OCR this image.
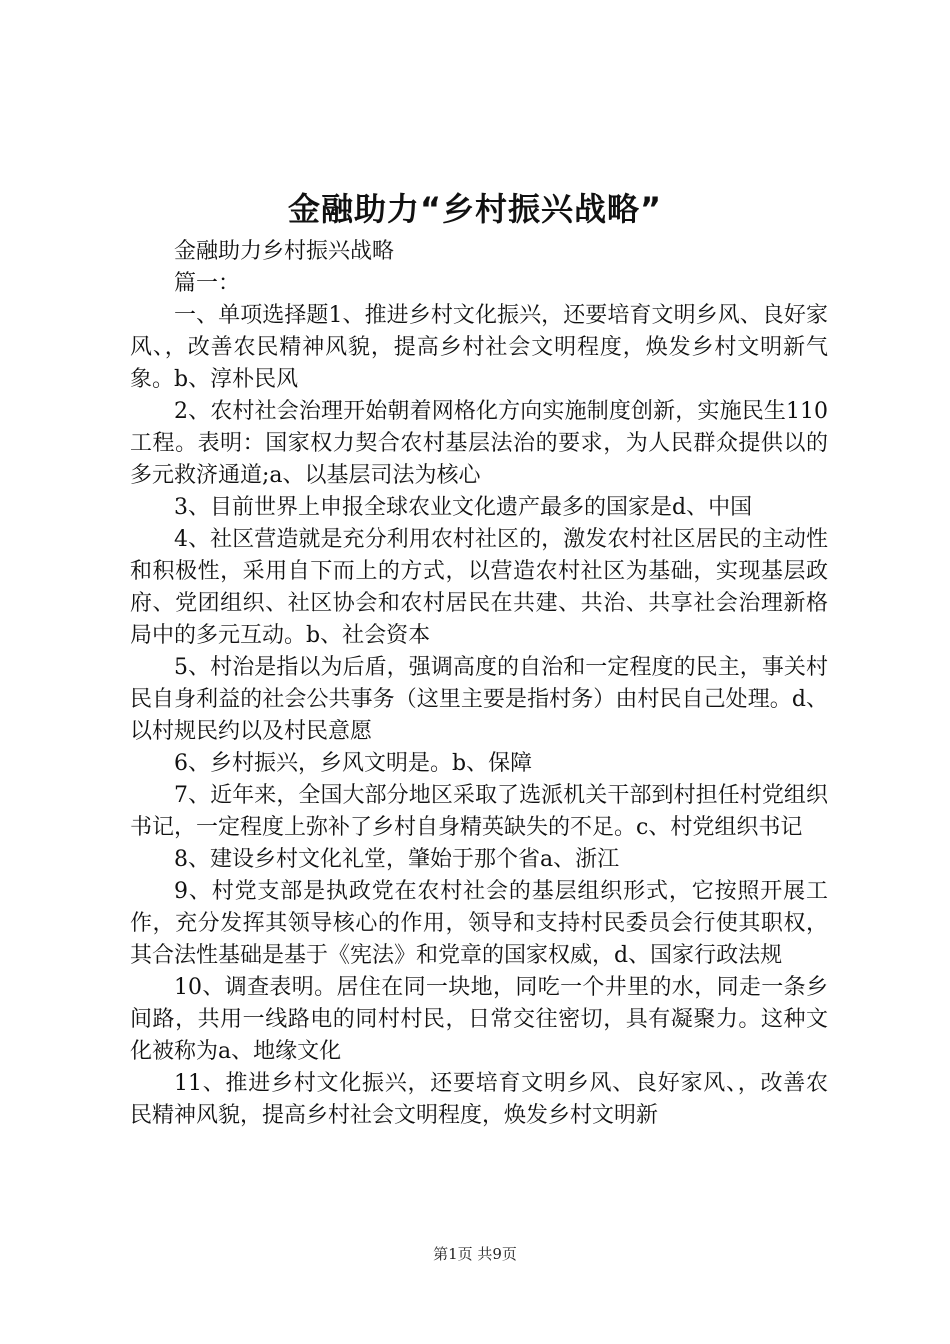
金融助力“乡村振兴战略”

金融助力乡村振兴战略

篇一：

一、单项选择题1、推进乡村文化振兴，还要培育文明乡风、良好家风、，改善农民精神风貌，提高乡村社会文明程度，焕发乡村文明新气象。b、淳朴民风

2、农村社会治理开始朝着网格化方向实施制度创新，实施民生110工程。表明：国家权力契合农村基层法治的要求，为人民群众提供以的多元救济通道;a、以基层司法为核心

3、目前世界上申报全球农业文化遗产最多的国家是d、中国

4、社区营造就是充分利用农村社区的，激发农村社区居民的主动性和积极性，采用自下而上的方式，以营造农村社区为基础，实现基层政府、党团组织、社区协会和农村居民在共建、共治、共享社会治理新格局中的多元互动。b、社会资本

5、村治是指以为后盾，强调高度的自治和一定程度的民主，事关村民自身利益的社会公共事务（这里主要是指村务）由村民自己处理。d、以村规民约以及村民意愿

6、乡村振兴，乡风文明是。b、保障

7、近年来，全国大部分地区采取了选派机关干部到村担任村党组织书记，一定程度上弥补了乡村自身精英缺失的不足。c、村党组织书记

8、建设乡村文化礼堂，肇始于那个省a、浙江

9、村党支部是执政党在农村社会的基层组织形式，它按照开展工作，充分发挥其领导核心的作用，领导和支持村民委员会行使其职权，其合法性基础是基于《宪法》和党章的国家权威，d、国家行政法规

10、调查表明。居住在同一块地，同吃一个井里的水，同走一条乡间路，共用一线路电的同村村民，日常交往密切，具有凝聚力。这种文化被称为a、地缘文化

11、推进乡村文化振兴，还要培育文明乡风、良好家风、，改善农民精神风貌，提高乡村社会文明程度，焕发乡村文明新

第1页 共9页
